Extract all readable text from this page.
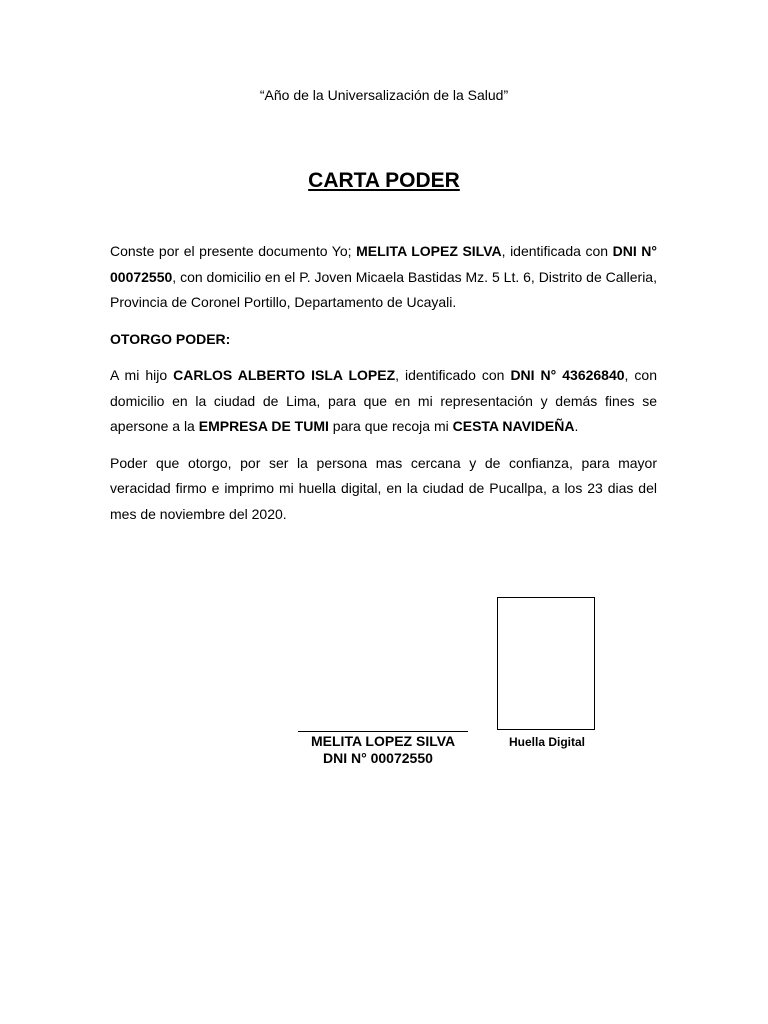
“Año de la Universalización de la Salud”
CARTA PODER

Conste por el presente documento Yo; MELITA LOPEZ SILVA, identificada con DNI N° 00072550, con domicilio en el P. Joven Micaela Bastidas Mz. 5 Lt. 6, Distrito de Calleria, Provincia de Coronel Portillo, Departamento de Ucayali.

OTORGO PODER:

A mi hijo CARLOS ALBERTO ISLA LOPEZ, identificado con DNI N° 43626840, con domicilio en la ciudad de Lima, para que en mi representación y demás fines se apersone a la EMPRESA DE TUMI para que recoja mi CESTA NAVIDEÑA.

Poder que otorgo, por ser la persona mas cercana y de confianza, para mayor veracidad firmo e imprimo mi huella digital, en la ciudad de Pucallpa, a los 23 dias del mes de noviembre del 2020.

Huella Digital
MELITA LOPEZ SILVA
DNI N° 00072550
